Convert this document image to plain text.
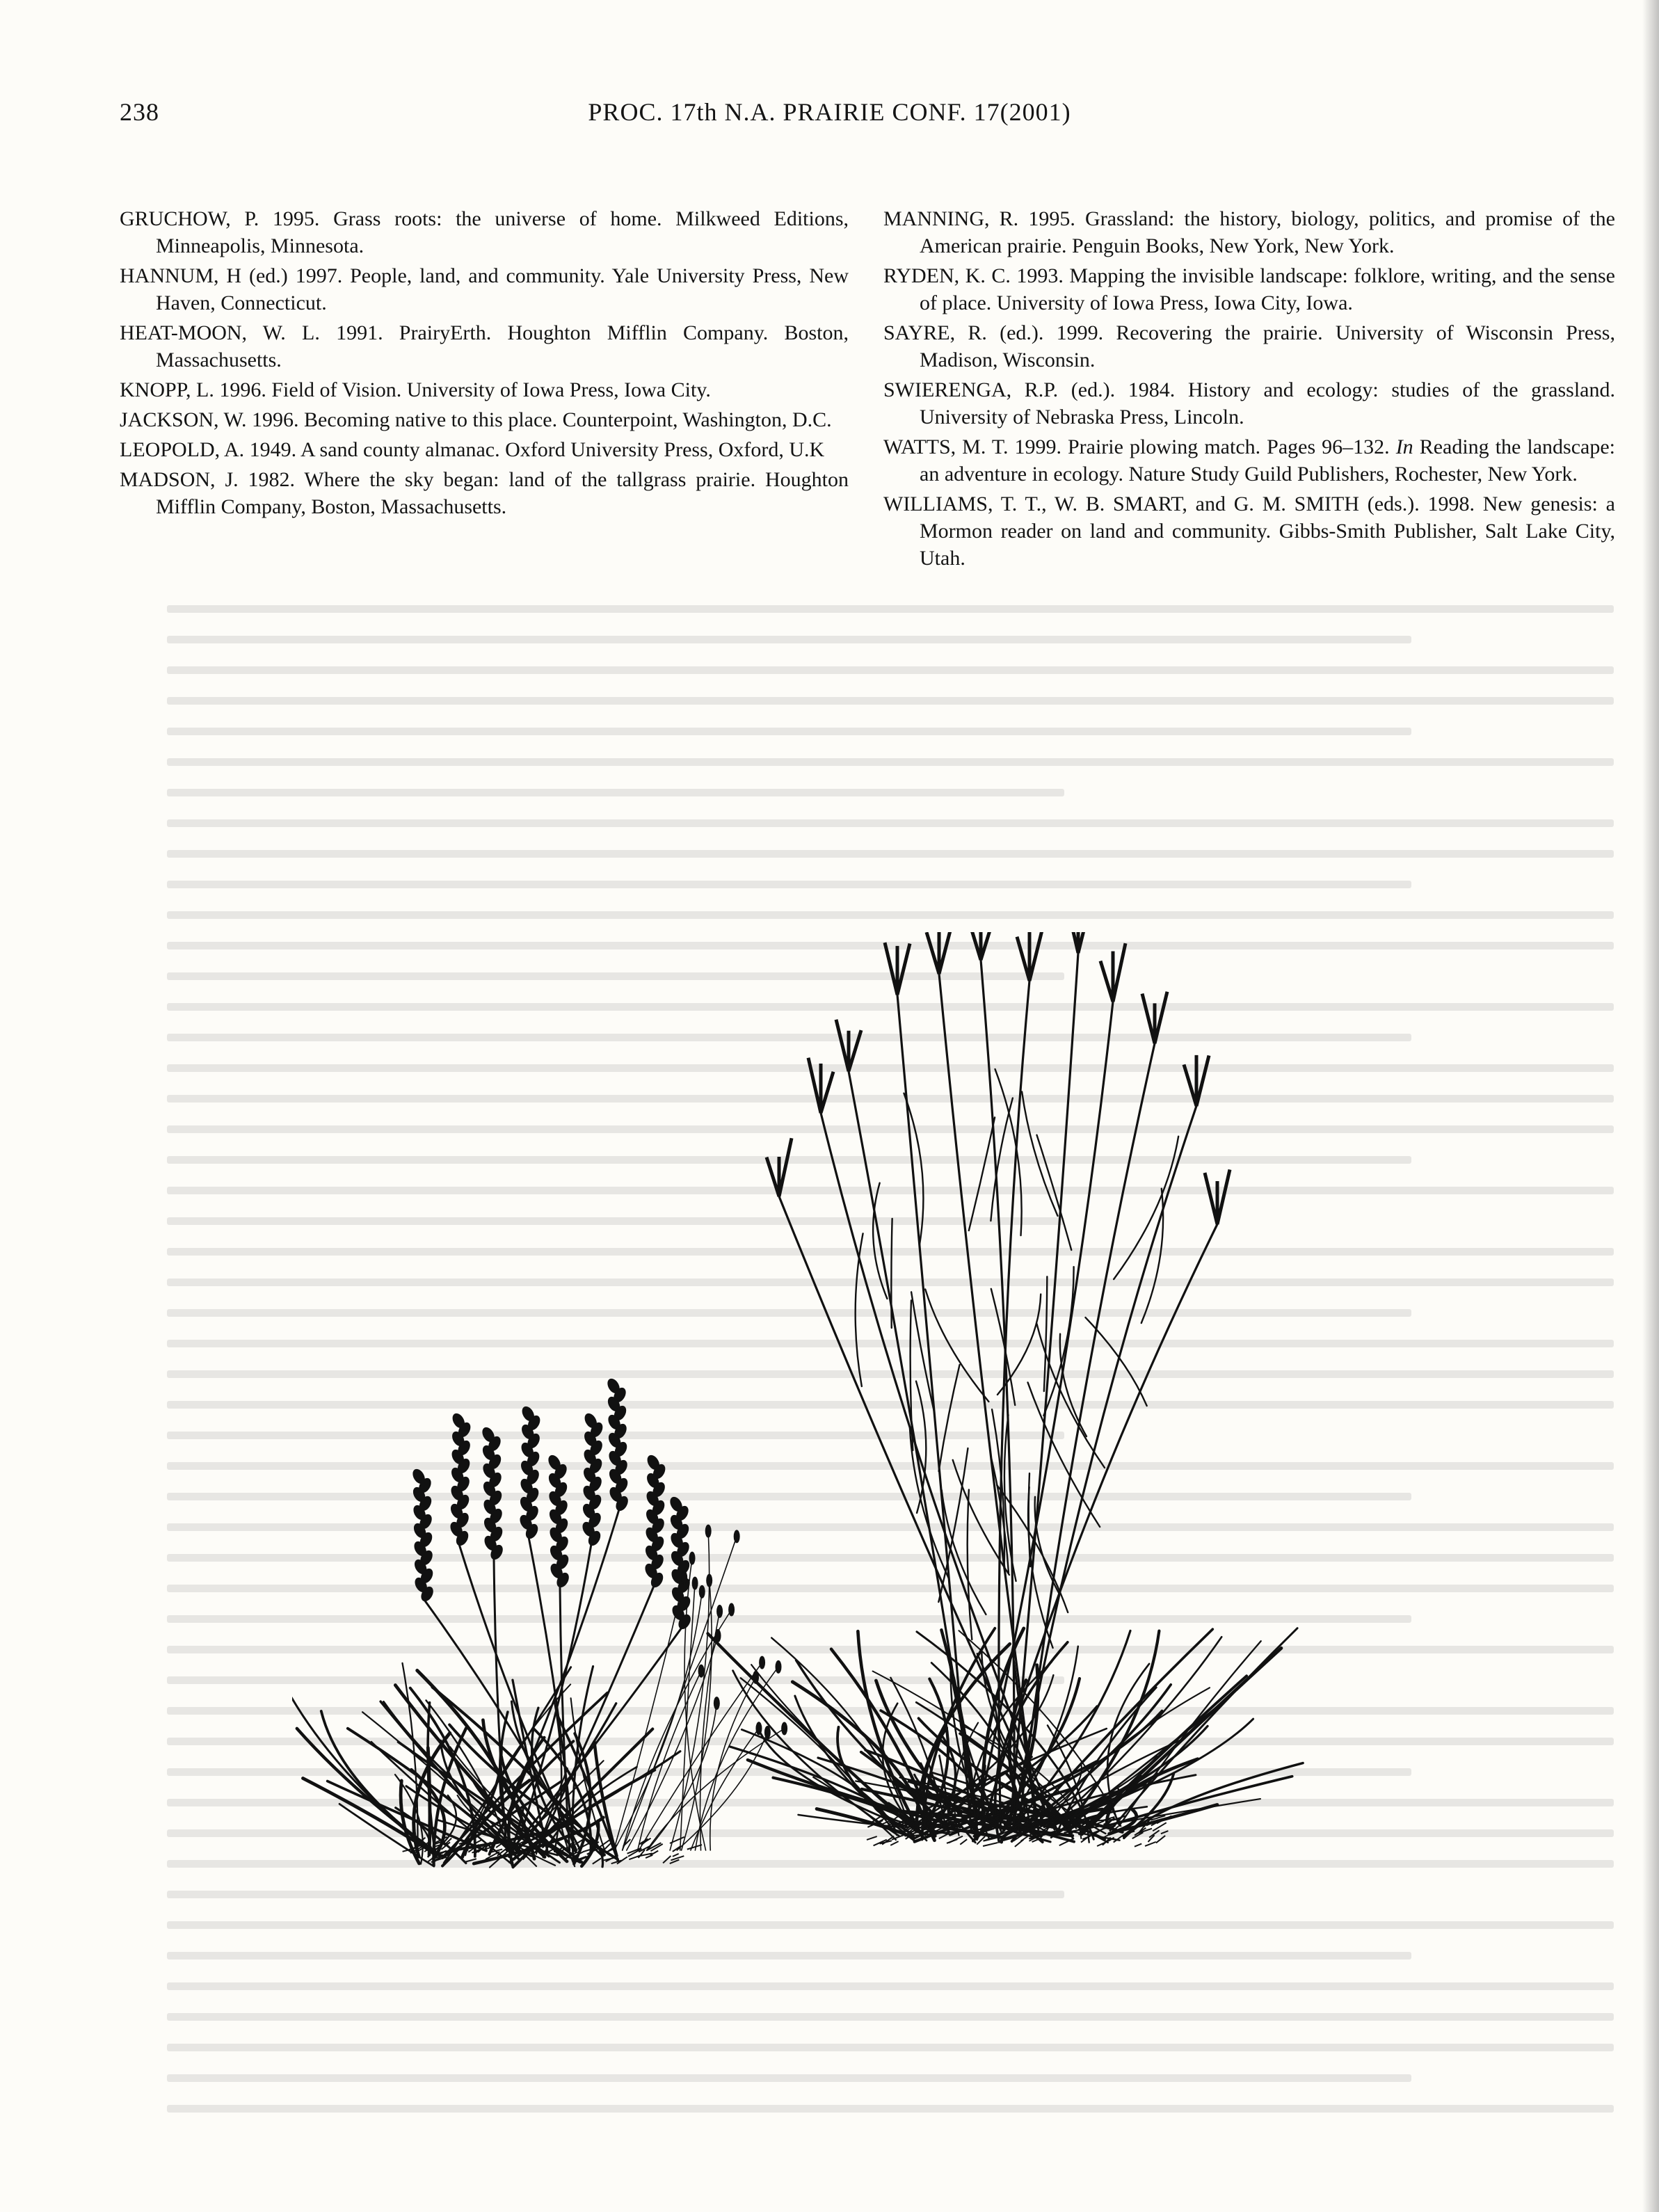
238	PROC. 17th N.A. PRAIRIE CONF. 17(2001)

GRUCHOW, P. 1995. Grass roots: the universe of home. Milkweed Editions, Minneapolis, Minnesota.

HANNUM, H (ed.) 1997. People, land, and community. Yale University Press, New Haven, Connecticut.

HEAT-MOON, W. L. 1991. PrairyErth. Houghton Mifflin Company. Boston, Massachusetts.

KNOPP, L. 1996. Field of Vision. University of Iowa Press, Iowa City.

JACKSON, W. 1996. Becoming native to this place. Counterpoint, Washington, D.C.

LEOPOLD, A. 1949. A sand county almanac. Oxford University Press, Oxford, U.K

MADSON, J. 1982. Where the sky began: land of the tallgrass prairie. Houghton Mifflin Company, Boston, Massachusetts.

MANNING, R. 1995. Grassland: the history, biology, politics, and promise of the American prairie. Penguin Books, New York, New York.

RYDEN, K. C. 1993. Mapping the invisible landscape: folklore, writing, and the sense of place. University of Iowa Press, Iowa City, Iowa.

SAYRE, R. (ed.). 1999. Recovering the prairie. University of Wisconsin Press, Madison, Wisconsin.

SWIERENGA, R.P. (ed.). 1984. History and ecology: studies of the grassland. University of Nebraska Press, Lincoln.

WATTS, M. T. 1999. Prairie plowing match. Pages 96–132. In Reading the landscape: an adventure in ecology. Nature Study Guild Publishers, Rochester, New York.

WILLIAMS, T. T., W. B. SMART, and G. M. SMITH (eds.). 1998. New genesis: a Mormon reader on land and community. Gibbs-Smith Publisher, Salt Lake City, Utah.
